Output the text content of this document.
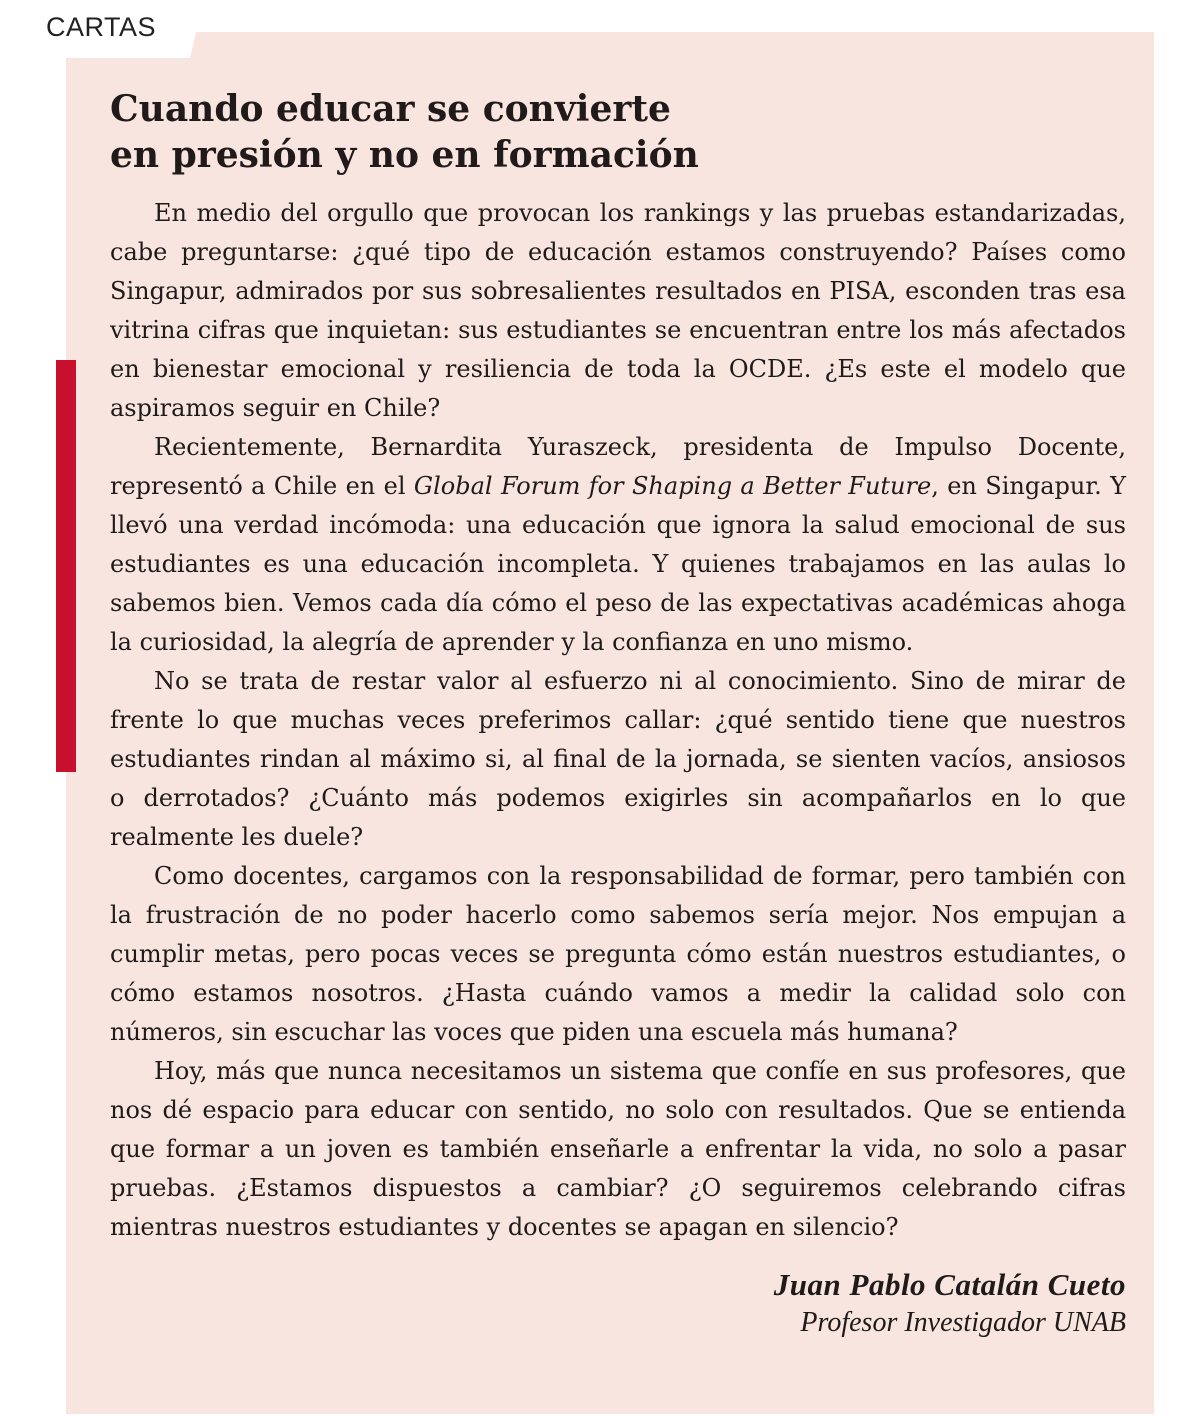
CARTAS
Cuando educar se convierte
en presión y no en formación

En medio del orgullo que provocan los rankings y las pruebas estandarizadas, cabe preguntarse: ¿qué tipo de educación estamos construyendo? Países como Singapur, admirados por sus sobresalientes resultados en PISA, esconden tras esa vitrina cifras que inquietan: sus estudiantes se encuentran entre los más afectados en bienestar emocional y resiliencia de toda la OCDE. ¿Es este el modelo que aspiramos seguir en Chile?

Recientemente, Bernardita Yuraszeck, presidenta de Impulso Docente, representó a Chile en el Global Forum for Shaping a Better Future, en Singapur. Y llevó una verdad incómoda: una educación que ignora la salud emocional de sus estudiantes es una educación incompleta. Y quienes trabajamos en las aulas lo sabemos bien. Vemos cada día cómo el peso de las expectativas académicas ahoga la curiosidad, la alegría de aprender y la confianza en uno mismo.

No se trata de restar valor al esfuerzo ni al conocimiento. Sino de mirar de frente lo que muchas veces preferimos callar: ¿qué sentido tiene que nuestros estudiantes rindan al máximo si, al final de la jornada, se sienten vacíos, ansiosos o derrotados? ¿Cuánto más podemos exigirles sin acompañarlos en lo que realmente les duele?

Como docentes, cargamos con la responsabilidad de formar, pero también con la frustración de no poder hacerlo como sabemos sería mejor. Nos empujan a cumplir metas, pero pocas veces se pregunta cómo están nuestros estudiantes, o cómo estamos nosotros. ¿Hasta cuándo vamos a medir la calidad solo con números, sin escuchar las voces que piden una escuela más humana?

Hoy, más que nunca necesitamos un sistema que confíe en sus profesores, que nos dé espacio para educar con sentido, no solo con resultados. Que se entienda que formar a un joven es también enseñarle a enfrentar la vida, no solo a pasar pruebas. ¿Estamos dispuestos a cambiar? ¿O seguiremos celebrando cifras mientras nuestros estudiantes y docentes se apagan en silencio?

Juan Pablo Catalán Cueto
Profesor Investigador UNAB
